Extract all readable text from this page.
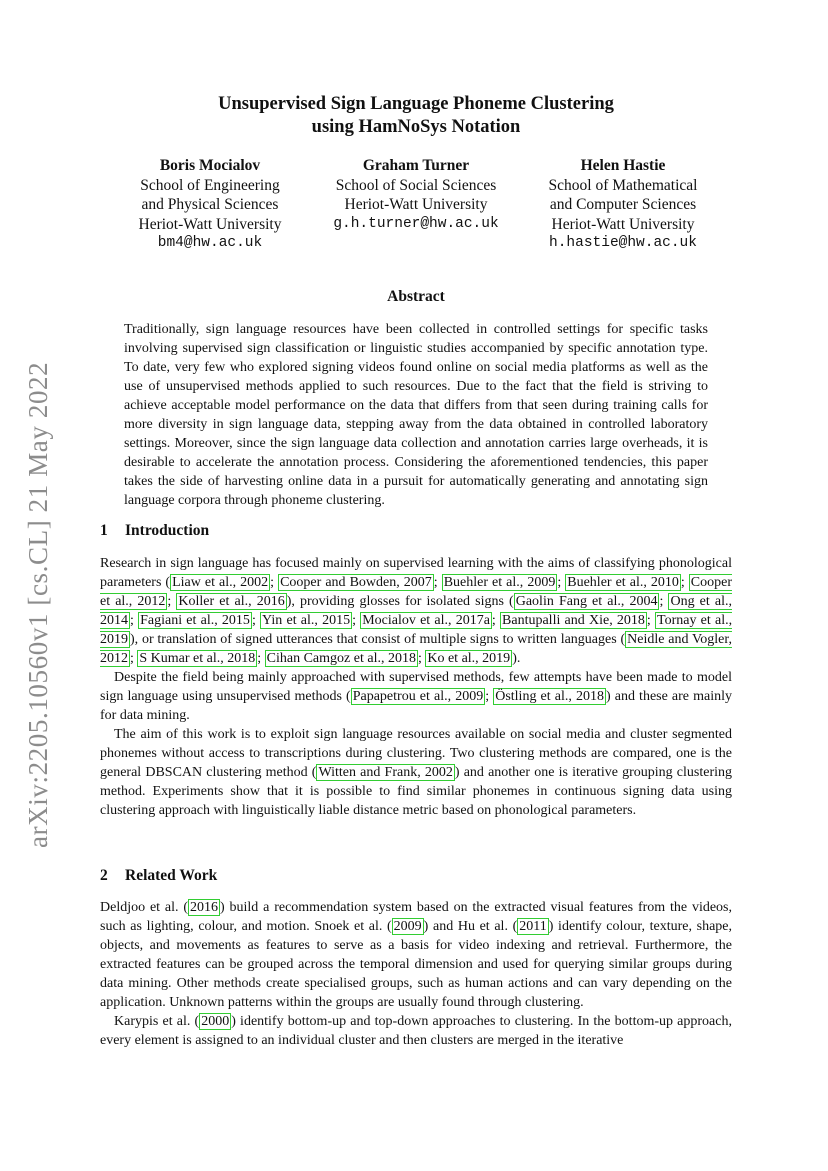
arXiv:2205.10560v1 [cs.CL] 21 May 2022
Unsupervised Sign Language Phoneme Clustering
using HamNoSys Notation
Boris Mocialov
School of Engineering
and Physical Sciences
Heriot-Watt University
bm4@hw.ac.uk
Graham Turner
School of Social Sciences
Heriot-Watt University
g.h.turner@hw.ac.uk
Helen Hastie
School of Mathematical
and Computer Sciences
Heriot-Watt University
h.hastie@hw.ac.uk
Abstract
Traditionally, sign language resources have been collected in controlled settings for specific tasks involving supervised sign classification or linguistic studies accompanied by specific annotation type. To date, very few who explored signing videos found online on social media platforms as well as the use of unsupervised methods applied to such resources. Due to the fact that the field is striving to achieve acceptable model performance on the data that differs from that seen during training calls for more diversity in sign language data, stepping away from the data obtained in controlled laboratory settings. Moreover, since the sign language data collection and annotation carries large overheads, it is desirable to accelerate the annotation process. Considering the aforementioned tendencies, this paper takes the side of harvesting online data in a pursuit for automatically generating and annotating sign language corpora through phoneme clustering.
1 Introduction

Research in sign language has focused mainly on supervised learning with the aims of classifying phonological parameters ( Liaw et al., 2002 ; Cooper and Bowden, 2007 ; Buehler et al., 2009 ; Buehler et al., 2010 ; Cooper et al., 2012 ; Koller et al., 2016 ), providing glosses for isolated signs ( Gaolin Fang et al., 2004 ; Ong et al., 2014 ; Fagiani et al., 2015 ; Yin et al., 2015 ; Mocialov et al., 2017a ; Bantupalli and Xie, 2018 ; Tornay et al., 2019 ), or translation of signed utterances that consist of multiple signs to written languages ( Neidle and Vogler, 2012 ; S Kumar et al., 2018 ; Cihan Camgoz et al., 2018 ; Ko et al., 2019 ).

Despite the field being mainly approached with supervised methods, few attempts have been made to model sign language using unsupervised methods ( Papapetrou et al., 2009 ; Östling et al., 2018 ) and these are mainly for data mining.

The aim of this work is to exploit sign language resources available on social media and cluster segmented phonemes without access to transcriptions during clustering. Two clustering methods are compared, one is the general DBSCAN clustering method ( Witten and Frank, 2002 ) and another one is iterative grouping clustering method. Experiments show that it is possible to find similar phonemes in continuous signing data using clustering approach with linguistically liable distance metric based on phonological parameters.

2 Related Work

Deldjoo et al. ( 2016 ) build a recommendation system based on the extracted visual features from the videos, such as lighting, colour, and motion. Snoek et al. ( 2009 ) and Hu et al. ( 2011 ) identify colour, texture, shape, objects, and movements as features to serve as a basis for video indexing and retrieval. Furthermore, the extracted features can be grouped across the temporal dimension and used for querying similar groups during data mining. Other methods create specialised groups, such as human actions and can vary depending on the application. Unknown patterns within the groups are usually found through clustering.

Karypis et al. ( 2000 ) identify bottom-up and top-down approaches to clustering. In the bottom-up approach, every element is assigned to an individual cluster and then clusters are merged in the iterative
